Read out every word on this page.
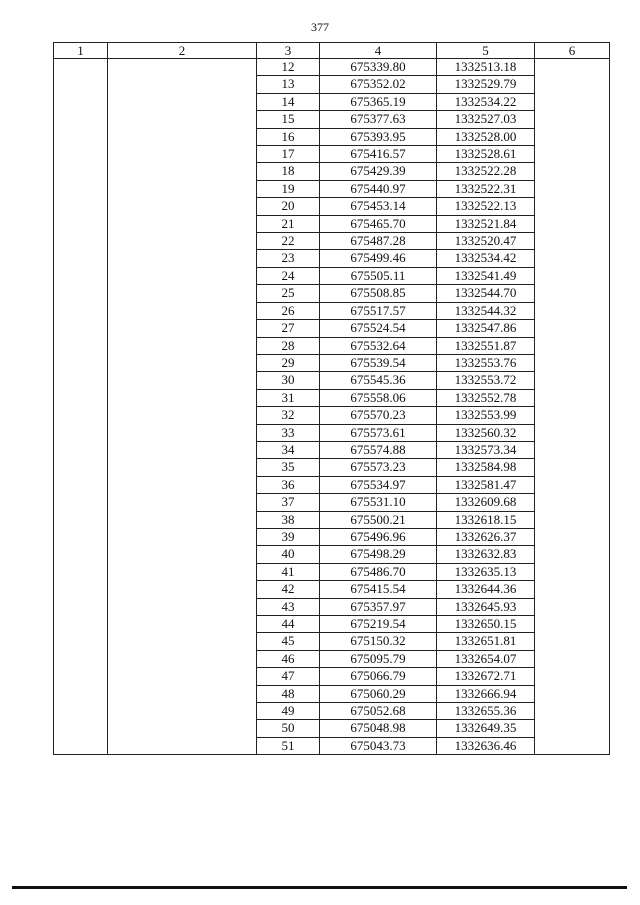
377
1	2	3	4	5	6
		12	675339.80	1332513.18	
		13	675352.02	1332529.79	
		14	675365.19	1332534.22	
		15	675377.63	1332527.03	
		16	675393.95	1332528.00	
		17	675416.57	1332528.61	
		18	675429.39	1332522.28	
		19	675440.97	1332522.31	
		20	675453.14	1332522.13	
		21	675465.70	1332521.84	
		22	675487.28	1332520.47	
		23	675499.46	1332534.42	
		24	675505.11	1332541.49	
		25	675508.85	1332544.70	
		26	675517.57	1332544.32	
		27	675524.54	1332547.86	
		28	675532.64	1332551.87	
		29	675539.54	1332553.76	
		30	675545.36	1332553.72	
		31	675558.06	1332552.78	
		32	675570.23	1332553.99	
		33	675573.61	1332560.32	
		34	675574.88	1332573.34	
		35	675573.23	1332584.98	
		36	675534.97	1332581.47	
		37	675531.10	1332609.68	
		38	675500.21	1332618.15	
		39	675496.96	1332626.37	
		40	675498.29	1332632.83	
		41	675486.70	1332635.13	
		42	675415.54	1332644.36	
		43	675357.97	1332645.93	
		44	675219.54	1332650.15	
		45	675150.32	1332651.81	
		46	675095.79	1332654.07	
		47	675066.79	1332672.71	
		48	675060.29	1332666.94	
		49	675052.68	1332655.36	
		50	675048.98	1332649.35	
		51	675043.73	1332636.46	
